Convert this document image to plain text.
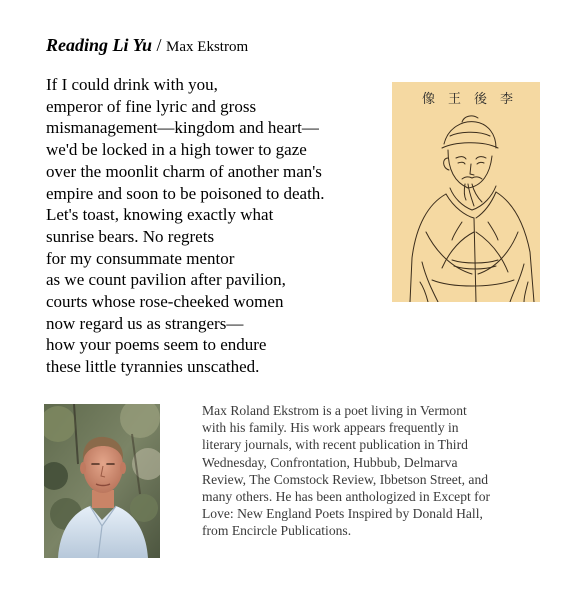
Reading Li Yu / Max Ekstrom
If I could drink with you,
emperor of fine lyric and gross
mismanagement—kingdom and heart—
we'd be locked in a high tower to gaze
over the moonlit charm of another man's
empire and soon to be poisoned to death.
Let's toast, knowing exactly what
sunrise bears. No regrets
for my consummate mentor
as we count pavilion after pavilion,
courts whose rose-cheeked women
now regard us as strangers—
how your poems seem to endure
these little tyrannies unscathed.
像 王 後 李
Max Roland Ekstrom is a poet living in Vermont
with his family. His work appears frequently in
literary journals, with recent publication in Third
Wednesday, Confrontation, Hubbub, Delmarva
Review, The Comstock Review, Ibbetson Street, and
many others. He has been anthologized in Except for
Love: New England Poets Inspired by Donald Hall,
from Encircle Publications.
